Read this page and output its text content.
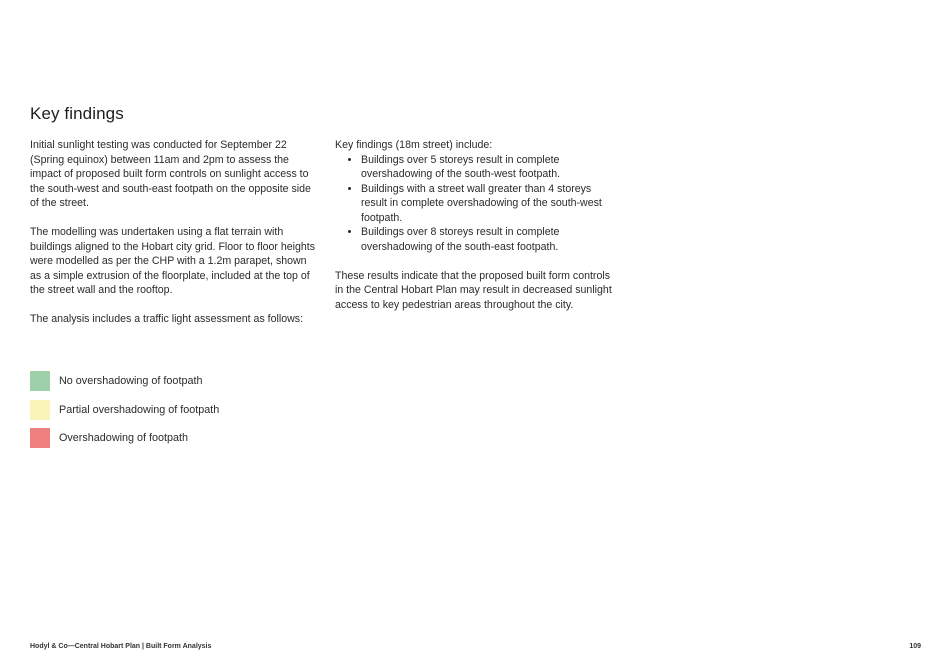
Key findings

Initial sunlight testing was conducted for September 22 (Spring equinox) between 11am and 2pm to assess the impact of proposed built form controls on sunlight access to the south-west and south-east footpath on the opposite side of the street.

The modelling was undertaken using a flat terrain with buildings aligned to the Hobart city grid. Floor to floor heights were modelled as per the CHP with a 1.2m parapet, shown as a simple extrusion of the floorplate, included at the top of the street wall and the rooftop.

The analysis includes a traffic light assessment as follows:

No overshadowing of footpath
Partial overshadowing of footpath
Overshadowing of footpath

Key findings (18m street) include:

• Buildings over 5 storeys result in complete overshadowing of the south-west footpath.
• Buildings with a street wall greater than 4 storeys result in complete overshadowing of the south-west footpath.
• Buildings over 8 storeys result in complete overshadowing of the south-east footpath.

These results indicate that the proposed built form controls in the Central Hobart Plan may result in decreased sunlight access to key pedestrian areas throughout the city.

Hodyl & Co—Central Hobart Plan | Built Form Analysis	109
